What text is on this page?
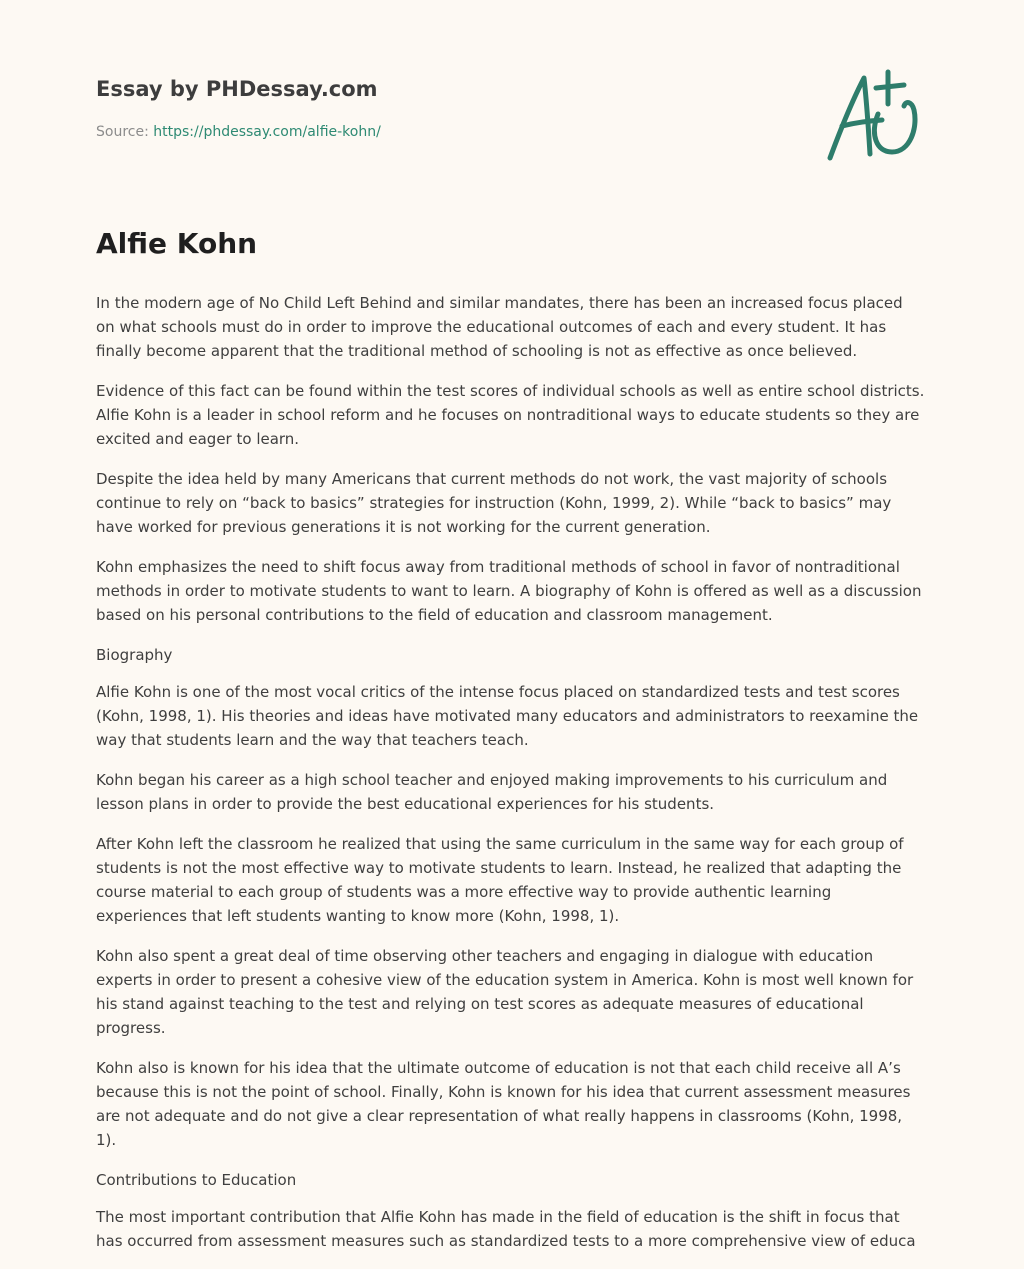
Essay by PHDessay.com
Source: https://phdessay.com/alfie-kohn/
Alfie Kohn

In the modern age of No Child Left Behind and similar mandates, there has been an increased focus placed on what schools must do in order to improve the educational outcomes of each and every student. It has finally become apparent that the traditional method of schooling is not as effective as once believed.

Evidence of this fact can be found within the test scores of individual schools as well as entire school districts. Alfie Kohn is a leader in school reform and he focuses on nontraditional ways to educate students so they are excited and eager to learn.

Despite the idea held by many Americans that current methods do not work, the vast majority of schools continue to rely on “back to basics” strategies for instruction (Kohn, 1999, 2). While “back to basics” may have worked for previous generations it is not working for the current generation.

Kohn emphasizes the need to shift focus away from traditional methods of school in favor of nontraditional methods in order to motivate students to want to learn. A biography of Kohn is offered as well as a discussion based on his personal contributions to the field of education and classroom management.

Biography

Alfie Kohn is one of the most vocal critics of the intense focus placed on standardized tests and test scores (Kohn, 1998, 1). His theories and ideas have motivated many educators and administrators to reexamine the way that students learn and the way that teachers teach.

Kohn began his career as a high school teacher and enjoyed making improvements to his curriculum and lesson plans in order to provide the best educational experiences for his students.

After Kohn left the classroom he realized that using the same curriculum in the same way for each group of students is not the most effective way to motivate students to learn. Instead, he realized that adapting the course material to each group of students was a more effective way to provide authentic learning experiences that left students wanting to know more (Kohn, 1998, 1).

Kohn also spent a great deal of time observing other teachers and engaging in dialogue with education experts in order to present a cohesive view of the education system in America. Kohn is most well known for his stand against teaching to the test and relying on test scores as adequate measures of educational progress.

Kohn also is known for his idea that the ultimate outcome of education is not that each child receive all A’s because this is not the point of school. Finally, Kohn is known for his idea that current assessment measures are not adequate and do not give a clear representation of what really happens in classrooms (Kohn, 1998, 1).

Contributions to Education

The most important contribution that Alfie Kohn has made in the field of education is the shift in focus that has occurred from assessment measures such as standardized tests to a more comprehensive view of educa
